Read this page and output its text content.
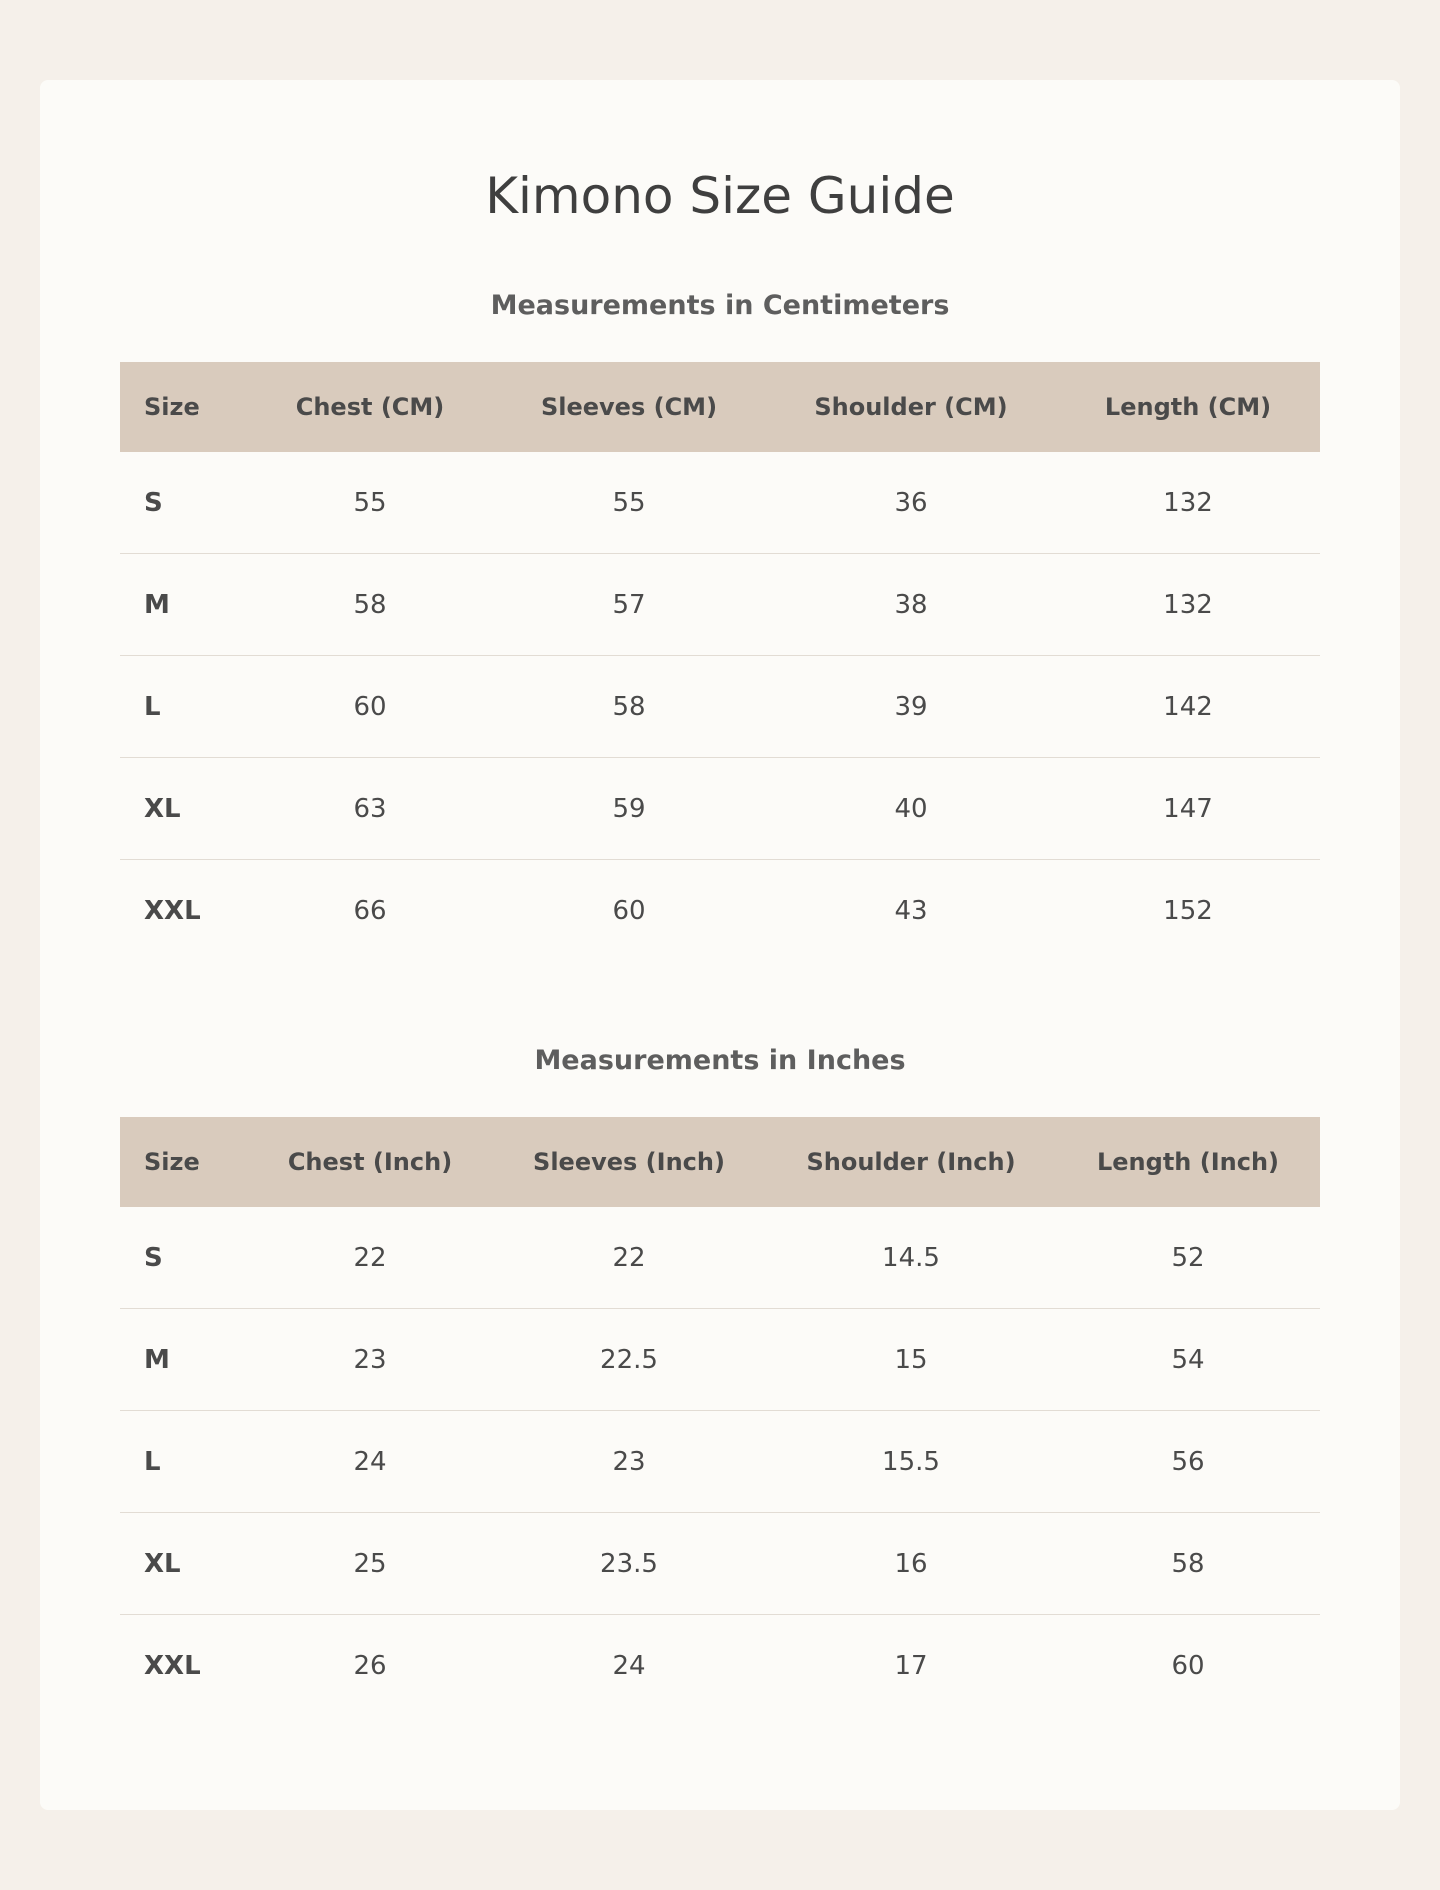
Kimono Size Guide
Measurements in Centimeters
Size	Chest (CM)	Sleeves (CM)	Shoulder (CM)	Length (CM)
S	55	55	36	132
M	58	57	38	132
L	60	58	39	142
XL	63	59	40	147
XXL	66	60	43	152
Measurements in Inches
Size	Chest (Inch)	Sleeves (Inch)	Shoulder (Inch)	Length (Inch)
S	22	22	14.5	52
M	23	22.5	15	54
L	24	23	15.5	56
XL	25	23.5	16	58
XXL	26	24	17	60
